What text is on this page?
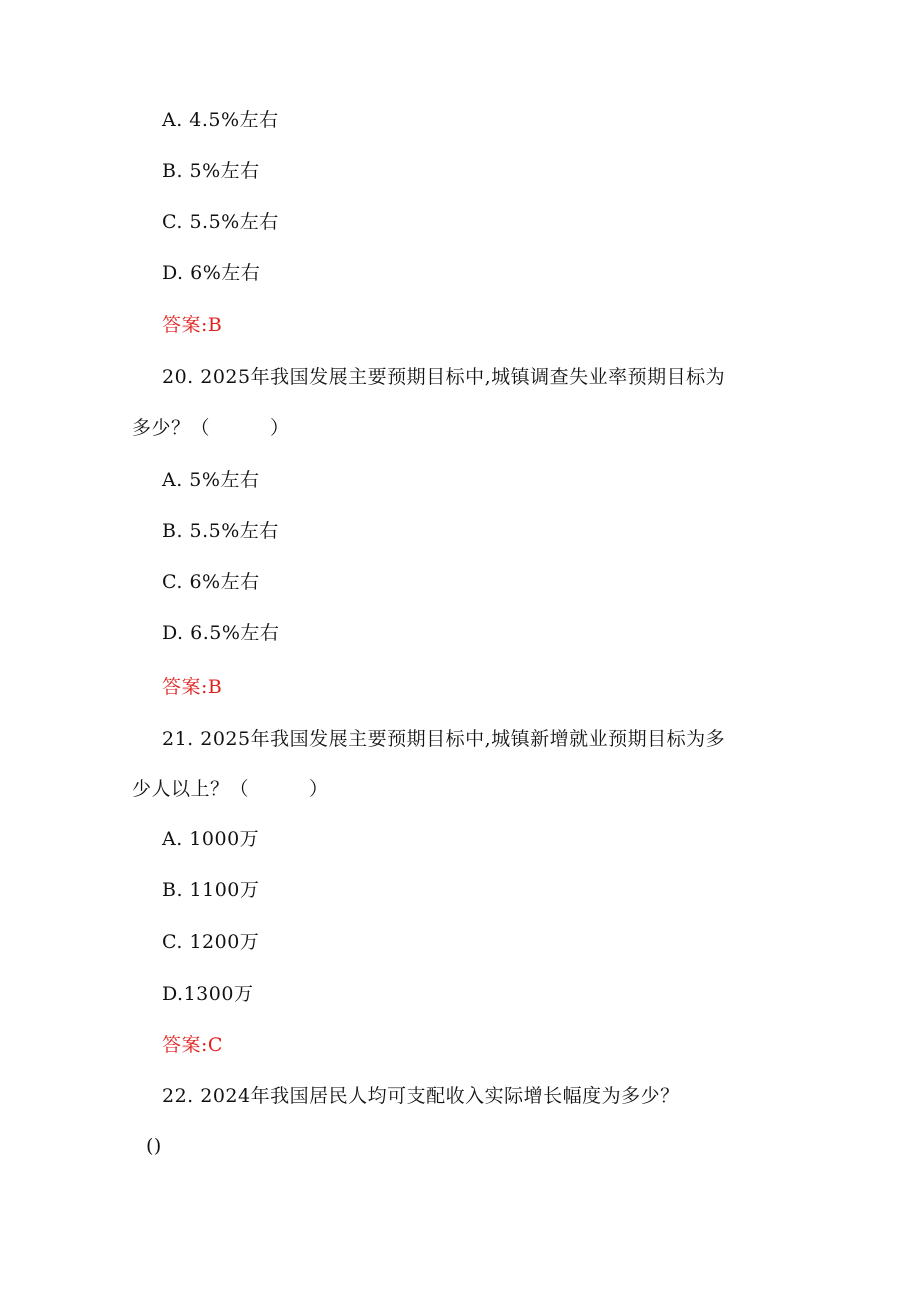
A. 4.5%左右
B. 5%左右
C. 5.5%左右
D. 6%左右
答案:B
20. 2025年我国发展主要预期目标中,城镇调查失业率预期目标为
多少？（	）
A. 5%左右
B. 5.5%左右
C. 6%左右
D. 6.5%左右
答案:B
21. 2025年我国发展主要预期目标中,城镇新增就业预期目标为多
少人以上？（	）
A. 1000万
B. 1100万
C. 1200万
D.1300万
答案:C
22. 2024年我国居民人均可支配收入实际增长幅度为多少？
()
